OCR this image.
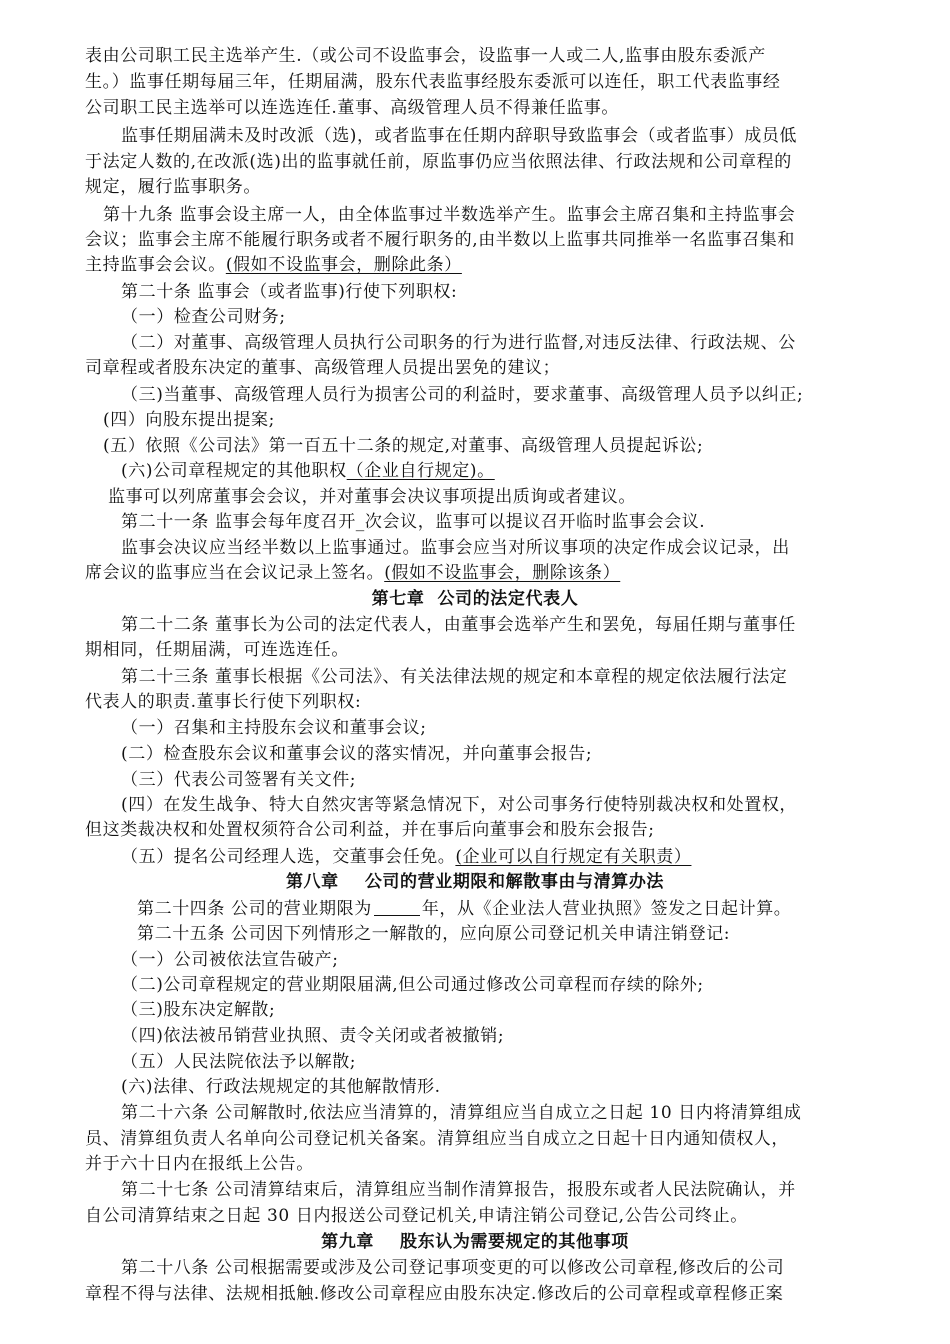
表由公司职工民主选举产生.（或公司不设监事会，设监事一人或二人,监事由股东委派产
生。）监事任期每届三年，任期届满，股东代表监事经股东委派可以连任，职工代表监事经
公司职工民主选举可以连选连任.董事、高级管理人员不得兼任监事。
监事任期届满未及时改派（选)，或者监事在任期内辞职导致监事会（或者监事）成员低
于法定人数的,在改派(选)出的监事就任前，原监事仍应当依照法律、行政法规和公司章程的
规定，履行监事职务。
第十九条 监事会设主席一人，由全体监事过半数选举产生。监事会主席召集和主持监事会
会议；监事会主席不能履行职务或者不履行职务的,由半数以上监事共同推举一名监事召集和
主持监事会会议。(假如不设监事会，删除此条）
第二十条 监事会（或者监事)行使下列职权:
（一）检查公司财务;
（二）对董事、高级管理人员执行公司职务的行为进行监督,对违反法律、行政法规、公
司章程或者股东决定的董事、高级管理人员提出罢免的建议；
（三)当董事、高级管理人员行为损害公司的利益时，要求董事、高级管理人员予以纠正;
(四）向股东提出提案;
(五）依照《公司法》第一百五十二条的规定,对董事、高级管理人员提起诉讼;
(六)公司章程规定的其他职权（企业自行规定)。
监事可以列席董事会会议，并对董事会决议事项提出质询或者建议。
第二十一条 监事会每年度召开_次会议，监事可以提议召开临时监事会会议.
监事会决议应当经半数以上监事通过。监事会应当对所议事项的决定作成会议记录，出
席会议的监事应当在会议记录上签名。(假如不设监事会，删除该条）
第七章  公司的法定代表人
第二十二条 董事长为公司的法定代表人，由董事会选举产生和罢免，每届任期与董事任
期相同，任期届满，可连选连任。
第二十三条 董事长根据《公司法》、有关法律法规的规定和本章程的规定依法履行法定
代表人的职责.董事长行使下列职权:
（一）召集和主持股东会议和董事会议;
(二）检查股东会议和董事会议的落实情况，并向董事会报告;
（三）代表公司签署有关文件;
(四）在发生战争、特大自然灾害等紧急情况下，对公司事务行使特别裁决权和处置权，
但这类裁决权和处置权须符合公司利益，并在事后向董事会和股东会报告;
（五）提名公司经理人选，交董事会任免。(企业可以自行规定有关职责）
第八章    公司的营业期限和解散事由与清算办法
第二十四条 公司的营业期限为	年，从《企业法人营业执照》签发之日起计算。
第二十五条 公司因下列情形之一解散的，应向原公司登记机关申请注销登记:
（一）公司被依法宣告破产;
（二)公司章程规定的营业期限届满,但公司通过修改公司章程而存续的除外;
（三)股东决定解散;
（四)依法被吊销营业执照、责令关闭或者被撤销;
（五）人民法院依法予以解散;
(六)法律、行政法规规定的其他解散情形.
第二十六条 公司解散时,依法应当清算的，清算组应当自成立之日起 10 日内将清算组成
员、清算组负责人名单向公司登记机关备案。清算组应当自成立之日起十日内通知债权人，
并于六十日内在报纸上公告。
第二十七条 公司清算结束后，清算组应当制作清算报告，报股东或者人民法院确认，并
自公司清算结束之日起 30 日内报送公司登记机关,申请注销公司登记,公告公司终止。
第九章    股东认为需要规定的其他事项
第二十八条 公司根据需要或涉及公司登记事项变更的可以修改公司章程,修改后的公司
章程不得与法律、法规相抵触.修改公司章程应由股东决定.修改后的公司章程或章程修正案
